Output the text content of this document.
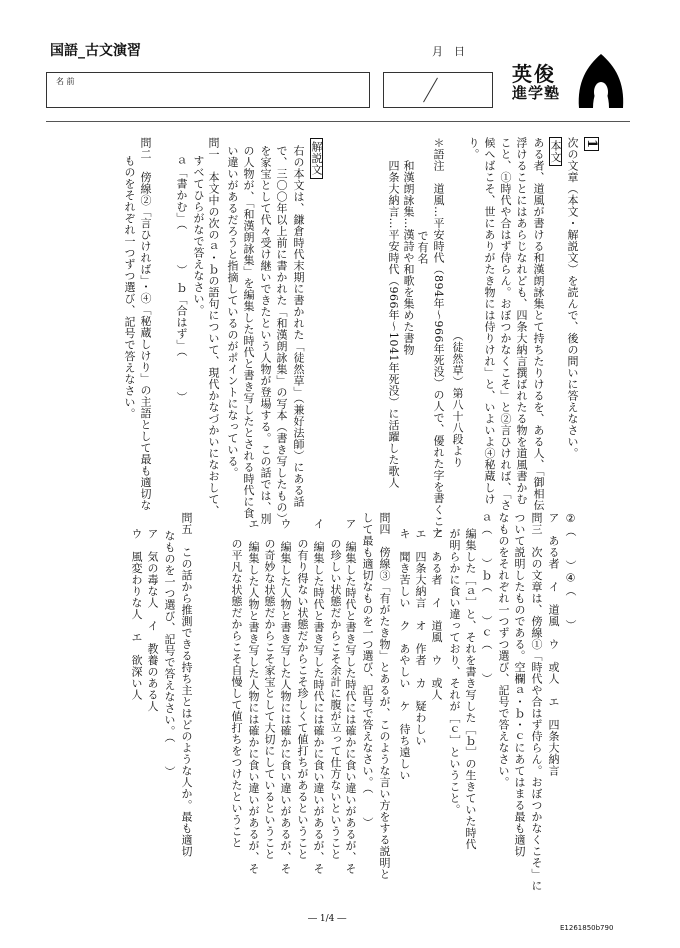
国語_古文演習	月　日
名 前	英俊
進学塾
次の文章（本文・解説文）を読んで、後の問いに答えなさい。
本文
ある者、道風が書ける和漢朗詠集とて持ちたりけるを、ある人、「御相伝
浮けることにはあらじなれども、四条大納言撰ばれたる物を道風書かむ
こと、①時代や合はず侍らん。おぼつかなくこそ」と②言ひければ、「さ
候へばこそ、世にありがたき物には侍りけれ」と、いよいよ④秘蔵しけ
り。
（徒然草）第八十八段より
＊語注　道風…平安時代（894年～966年死没）の人で、優れた字を書くこと
で有名
和漢朗詠集…漢詩や和歌を集めた書物
四条大納言…平安時代（966年～1041年死没）に活躍した歌人
解説文
右の本文は、鎌倉時代末期に書かれた「徒然草」（兼好法師）にある話
で、三〇〇年以上前に書かれた「和漢朗詠集」の写本（書き写したもの）
を家宝として代々受け継いできたという人物が登場する。この話では、別
の人物が、「和漢朗詠集」を編集した時代と書き写したとされる時代に食
い違いがあるだろうと指摘しているのがポイントになっている。
問一　本文中の次のａ・ｂの語句について、現代かなづかいになおして、
すべてひらがなで答えなさい。
ａ「書かむ」（　　　）　ｂ「合はず」（　　　）
問二　傍線②「言ひければ」・④「秘蔵しけり」の主語として最も適切な
ものをそれぞれ一つずつ選び、記号で答えなさい。
②（　　）④（　　）
ア　ある者　イ　道風　ウ　或人　エ　四条大納言
問三　次の文章は、傍線①「時代や合はず侍らん。おぼつかなくこそ」に
ついて説明したものである。空欄ａ・ｂ・ｃにあてはまる最も適切
なものをそれぞれ一つずつ選び、記号で答えなさい。
ａ（　　）ｂ（　　）ｃ（　　）
編集した［ａ］と、それを書き写した［ｂ］の生きていた時代
が明らかに食い違っており、それが［ｃ］ということ。
ア　ある者　イ　道風　ウ　或人
エ　四条大納言　オ　作者　カ　疑わしい
キ　聞き苦しい　ク　あやしい　ケ　待ち遠しい
問四　傍線③「有がたき物」とあるが、このような言い方をする説明と
して最も適切なものを一つ選び、記号で答えなさい。（　　）
ア　編集した時代と書き写した時代には確かに食い違いがあるが、そ
の珍しい状態だからこそ余計に腹が立って仕方ないということ
イ　編集した時代と書き写した時代には確かに食い違いがあるが、そ
の有り得ない状態だからこそ珍しくて値打ちがあるということ
ウ　編集した人物と書き写した人物には確かに食い違いがあるが、そ
の奇妙な状態だからこそ家宝として大切にしているということ
エ　編集した人物と書き写した人物には確かに食い違いがあるが、そ
の平凡な状態だからこそ自慢して値打ちをつけたということ
問五　この話から推測できる持ち主とはどのような人か。最も適切
なものを一つ選び、記号で答えなさい。（　　）
ア　気の毒な人　イ　教養のある人
ウ　風変わりな人　エ　欲深い人
― 1/4 ―
E1261850b790
1
